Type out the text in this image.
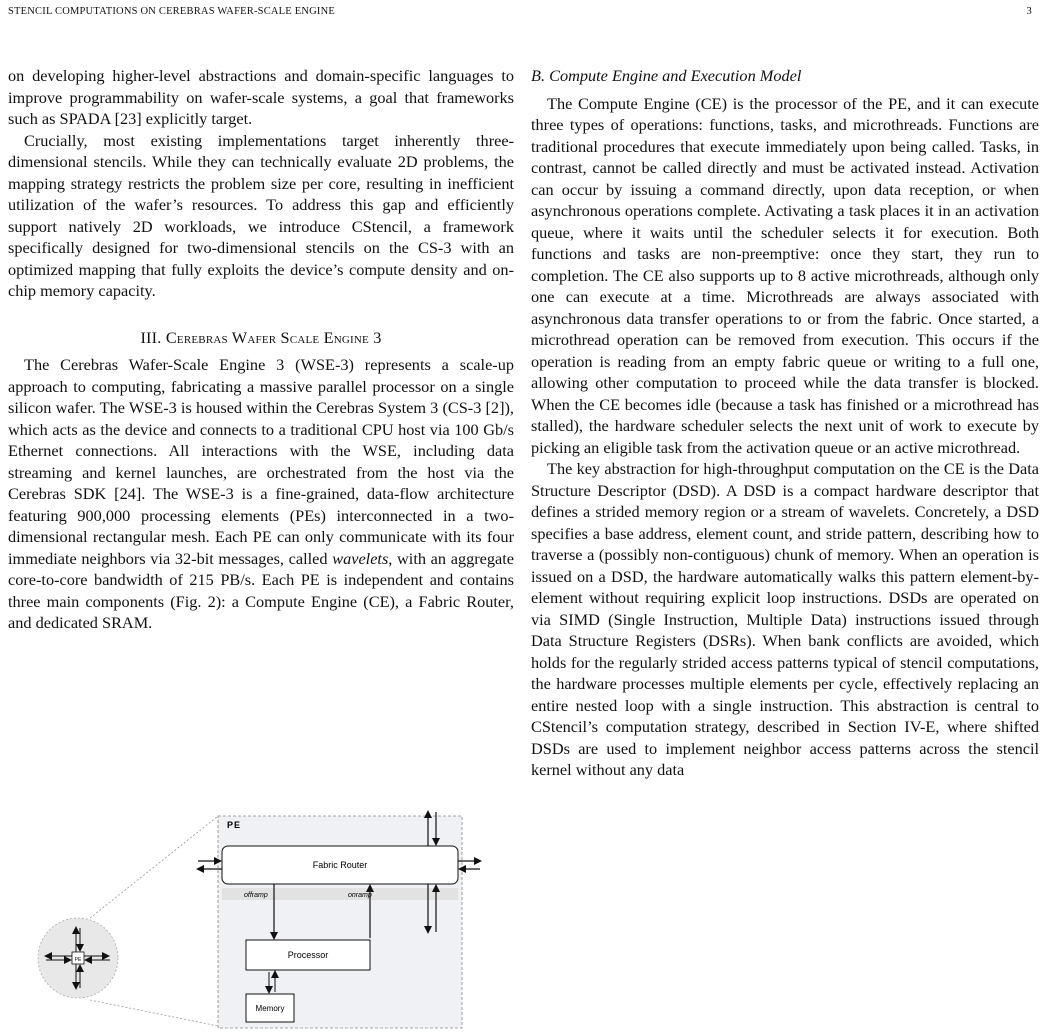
STENCIL COMPUTATIONS ON CEREBRAS WAFER-SCALE ENGINE	3

on developing higher-level abstractions and domain-specific languages to improve programmability on wafer-scale systems, a goal that frameworks such as SPADA [23] explicitly target.

Crucially, most existing implementations target inherently three-dimensional stencils. While they can technically evaluate 2D problems, the mapping strategy restricts the problem size per core, resulting in inefficient utilization of the wafer’s resources. To address this gap and efficiently support natively 2D workloads, we introduce CStencil, a framework specifically designed for two-dimensional stencils on the CS-3 with an optimized mapping that fully exploits the device’s compute density and on-chip memory capacity.

III. Cerebras Wafer Scale Engine 3

The Cerebras Wafer-Scale Engine 3 (WSE-3) represents a scale-up approach to computing, fabricating a massive parallel processor on a single silicon wafer. The WSE-3 is housed within the Cerebras System 3 (CS-3 [2]), which acts as the device and connects to a traditional CPU host via 100 Gb/s Ethernet connections. All interactions with the WSE, including data streaming and kernel launches, are orchestrated from the host via the Cerebras SDK [24]. The WSE-3 is a fine-grained, data-flow architecture featuring 900,000 processing elements (PEs) interconnected in a two-dimensional rectangular mesh. Each PE can only communicate with its four immediate neighbors via 32-bit messages, called wavelets, with an aggregate core-to-core bandwidth of 215 PB/s. Each PE is independent and contains three main components (Fig. 2): a Compute Engine (CE), a Fabric Router, and dedicated SRAM.

B. Compute Engine and Execution Model

The Compute Engine (CE) is the processor of the PE, and it can execute three types of operations: functions, tasks, and microthreads. Functions are traditional procedures that execute immediately upon being called. Tasks, in contrast, cannot be called directly and must be activated instead. Activation can occur by issuing a command directly, upon data reception, or when asynchronous operations complete. Activating a task places it in an activation queue, where it waits until the scheduler selects it for execution. Both functions and tasks are non-preemptive: once they start, they run to completion. The CE also supports up to 8 active microthreads, although only one can execute at a time. Microthreads are always associated with asynchronous data transfer operations to or from the fabric. Once started, a microthread operation can be removed from execution. This occurs if the operation is reading from an empty fabric queue or writing to a full one, allowing other computation to proceed while the data transfer is blocked. When the CE becomes idle (because a task has finished or a microthread has stalled), the hardware scheduler selects the next unit of work to execute by picking an eligible task from the activation queue or an active microthread.

The key abstraction for high-throughput computation on the CE is the Data Structure Descriptor (DSD). A DSD is a compact hardware descriptor that defines a strided memory region or a stream of wavelets. Concretely, a DSD specifies a base address, element count, and stride pattern, describing how to traverse a (possibly non-contiguous) chunk of memory. When an operation is issued on a DSD, the hardware automatically walks this pattern element-by-element without requiring explicit loop instructions. DSDs are operated on via SIMD (Single Instruction, Multiple Data) instructions issued through Data Structure Registers (DSRs). When bank conflicts are avoided, which holds for the regularly strided access patterns typical of stencil computations, the hardware processes multiple elements per cycle, effectively replacing an entire nested loop with a single instruction. This abstraction is central to CStencil’s computation strategy, described in Section IV-E, where shifted DSDs are used to implement neighbor access patterns across the stencil kernel without any data

PE
PE
Fabric Router
offramp	onramp
Processor
Memory
